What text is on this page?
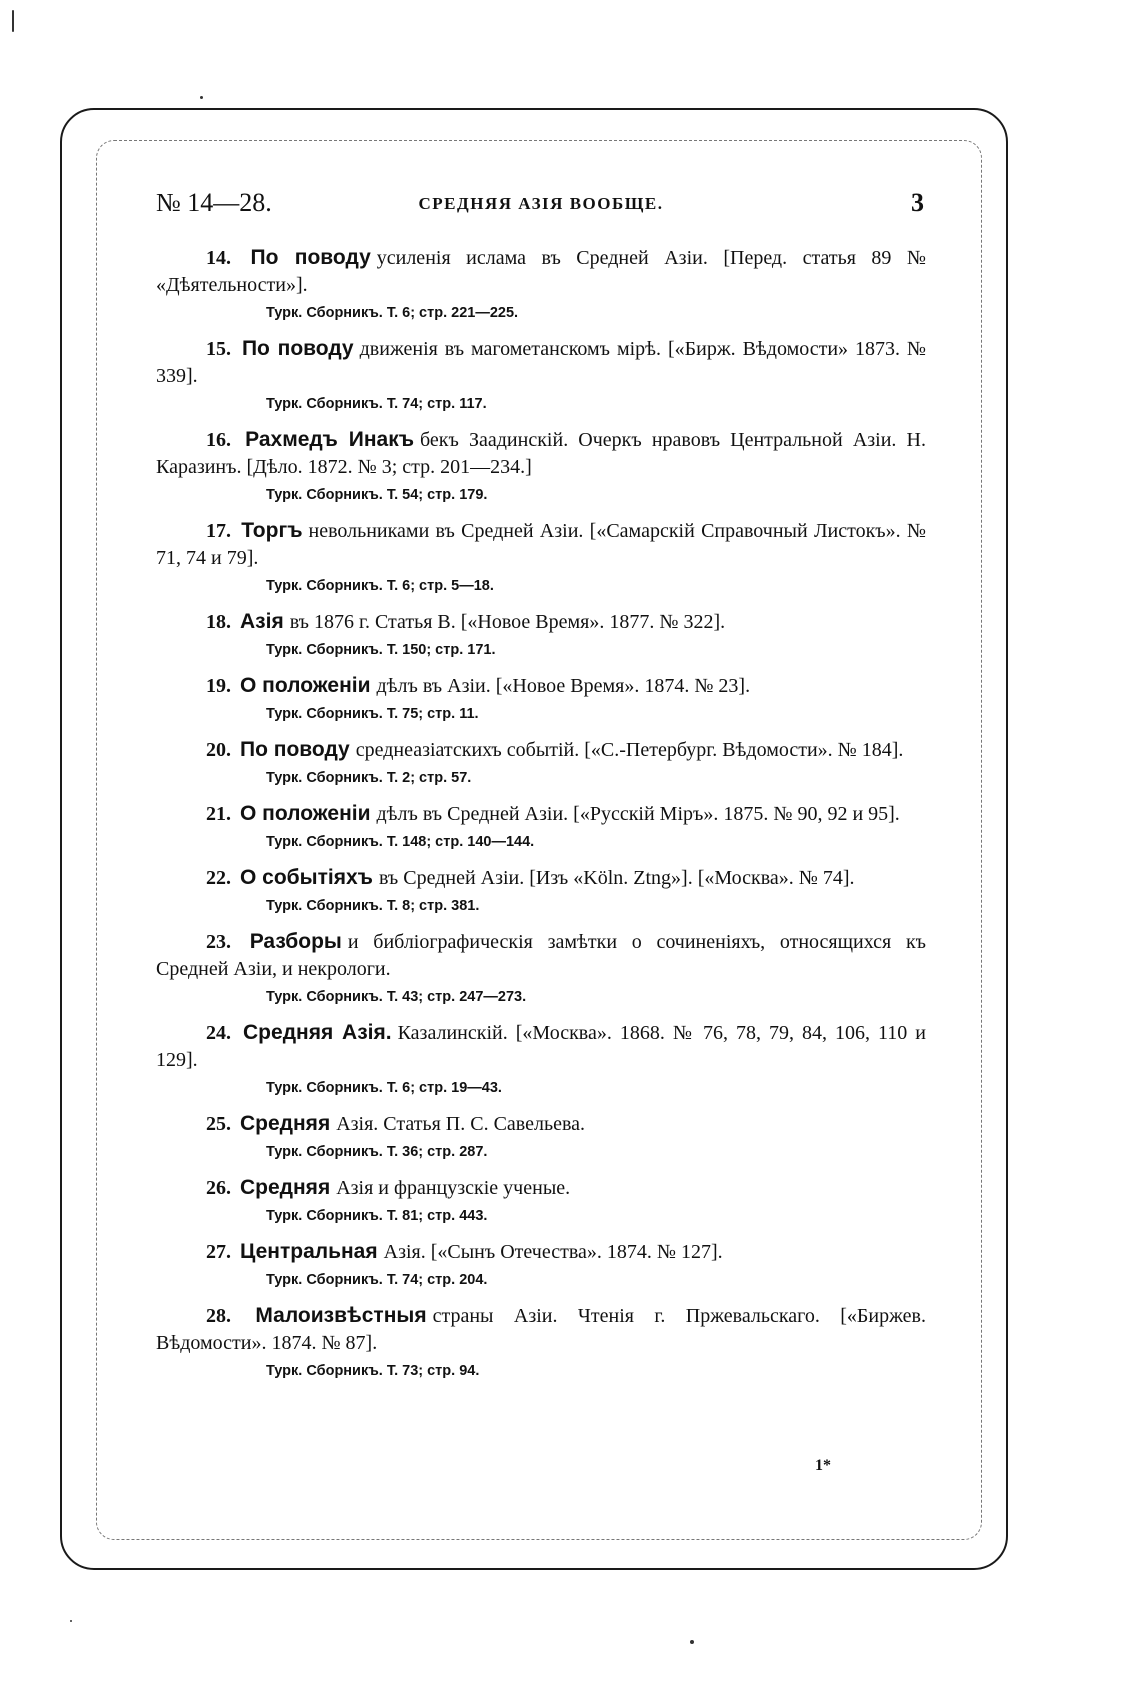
№ 14—28.	СРЕДНЯЯ АЗІЯ ВООБЩЕ.	3

14. По поводу усиленія ислама въ Средней Азіи. [Перед. статья 89 № «Дѣятельности»].

Турк. Сборникъ. Т. 6; стр. 221—225.

15. По поводу движенія въ магометанскомъ мірѣ. [«Бирж. Вѣдомости» 1873. № 339].

Турк. Сборникъ. Т. 74; стр. 117.

16. Рахмедъ Инакъ бекъ Заадинскій. Очеркъ нравовъ Центральной Азіи. Н. Каразинъ. [Дѣло. 1872. № 3; стр. 201—234.]

Турк. Сборникъ. Т. 54; стр. 179.

17. Торгъ невольниками въ Средней Азіи. [«Самарскій Справочный Листокъ». № 71, 74 и 79].

Турк. Сборникъ. Т. 6; стр. 5—18.

18. Азія въ 1876 г. Статья В. [«Новое Время». 1877. № 322].

Турк. Сборникъ. Т. 150; стр. 171.

19. О положеніи дѣлъ въ Азіи. [«Новое Время». 1874. № 23].

Турк. Сборникъ. Т. 75; стр. 11.

20. По поводу среднеазіатскихъ событій. [«С.-Петербург. Вѣдомости». № 184].

Турк. Сборникъ. Т. 2; стр. 57.

21. О положеніи дѣлъ въ Средней Азіи. [«Русскій Міръ». 1875. № 90, 92 и 95].

Турк. Сборникъ. Т. 148; стр. 140—144.

22. О событіяхъ въ Средней Азіи. [Изъ «Köln. Ztng»]. [«Москва». № 74].

Турк. Сборникъ. Т. 8; стр. 381.

23. Разборы и библіографическія замѣтки о сочиненіяхъ, относящихся къ Средней Азіи, и некрологи.

Турк. Сборникъ. Т. 43; стр. 247—273.

24. Средняя Азія. Казалинскій. [«Москва». 1868. № 76, 78, 79, 84, 106, 110 и 129].

Турк. Сборникъ. Т. 6; стр. 19—43.

25. Средняя Азія. Статья П. С. Савельева.

Турк. Сборникъ. Т. 36; стр. 287.

26. Средняя Азія и французскіе ученые.

Турк. Сборникъ. Т. 81; стр. 443.

27. Центральная Азія. [«Сынъ Отечества». 1874. № 127].

Турк. Сборникъ. Т. 74; стр. 204.

28. Малоизвѣстныя страны Азіи. Чтенія г. Пржевальскаго. [«Биржев. Вѣдомости». 1874. № 87].

Турк. Сборникъ. Т. 73; стр. 94.
1*
